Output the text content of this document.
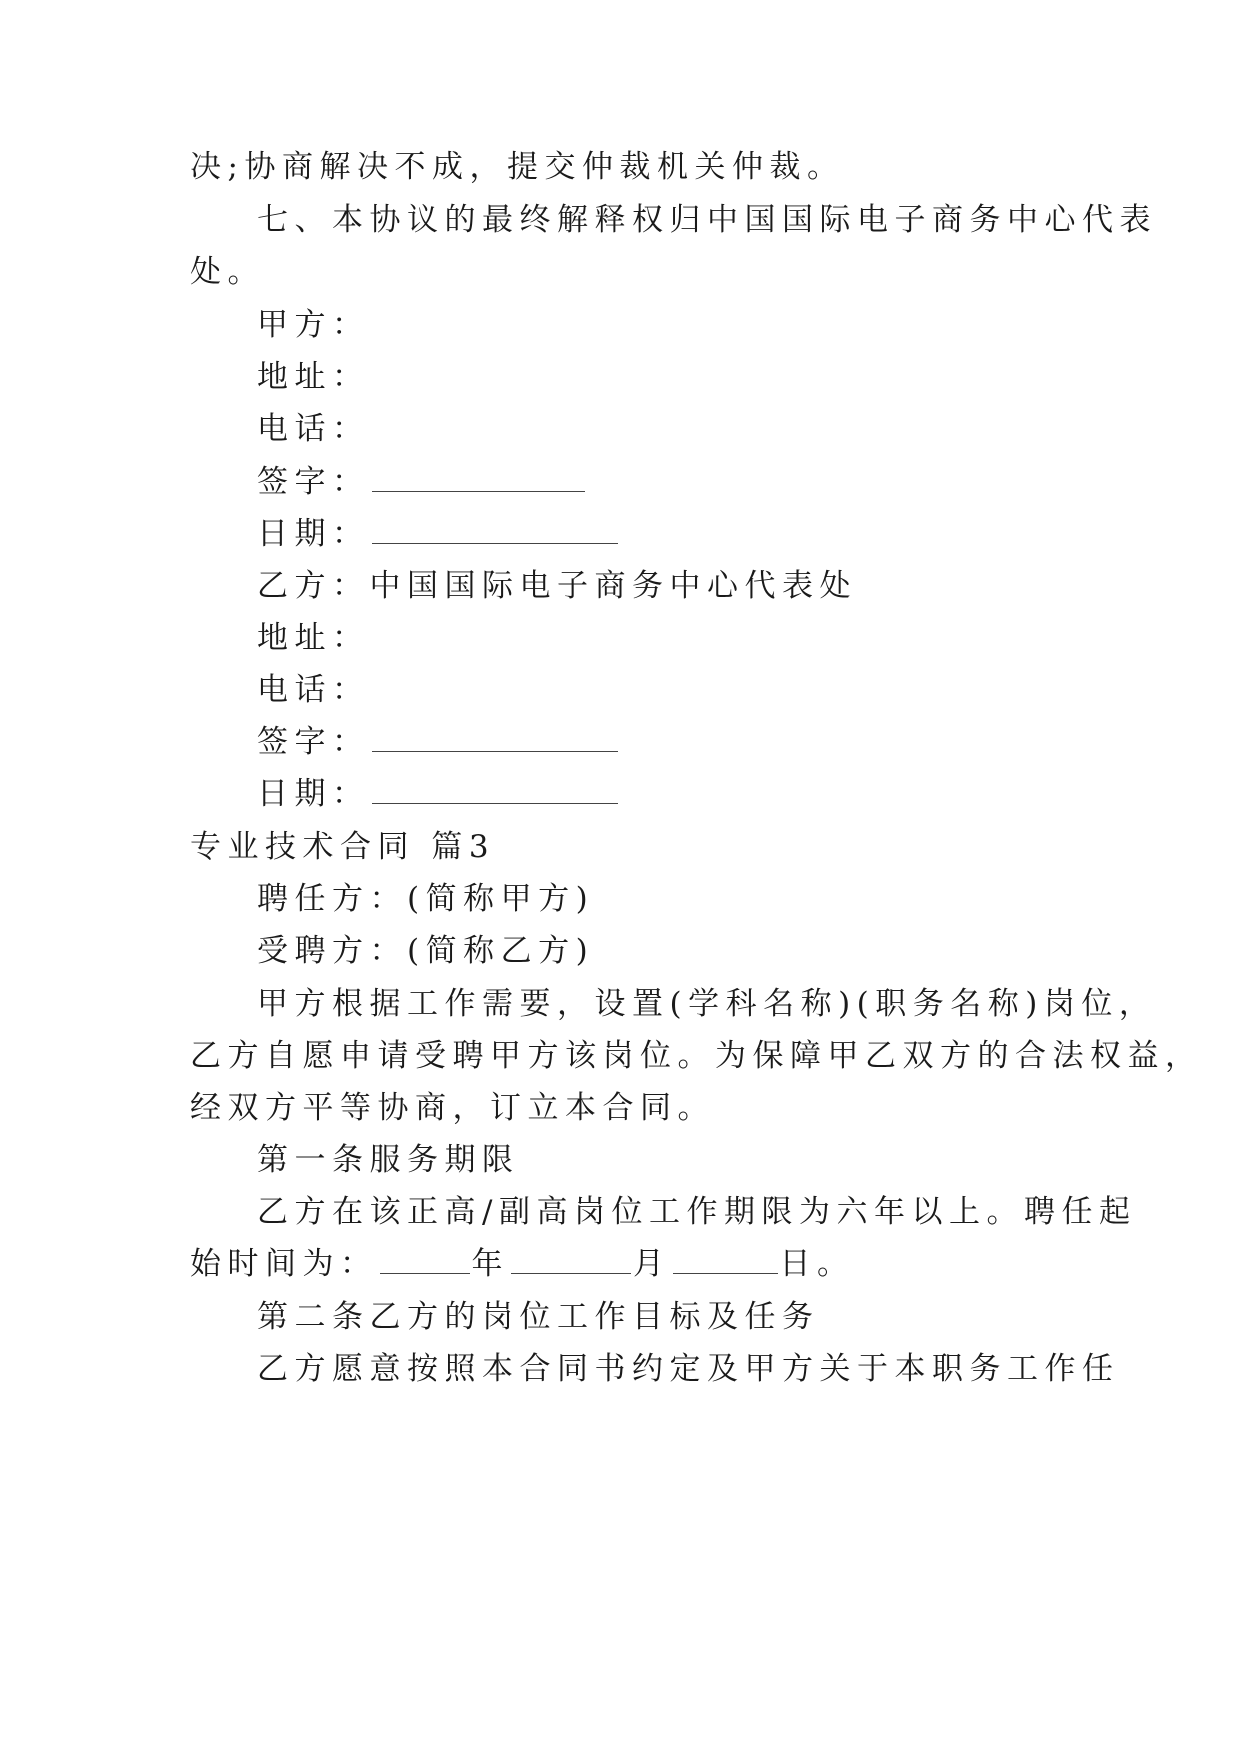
决;协商解决不成，提交仲裁机关仲裁。
七、本协议的最终解释权归中国国际电子商务中心代表
处。
甲方：
地址：
电话：
签字：
日期：
乙方：中国国际电子商务中心代表处
地址：
电话：
签字：
日期：
专业技术合同 篇3
聘任方：(简称甲方)
受聘方：(简称乙方)
甲方根据工作需要，设置(学科名称)(职务名称)岗位，
乙方自愿申请受聘甲方该岗位。为保障甲乙双方的合法权益，
经双方平等协商，订立本合同。
第一条服务期限
乙方在该正高/副高岗位工作期限为六年以上。聘任起
始时间为：	年	月	日。
第二条乙方的岗位工作目标及任务
乙方愿意按照本合同书约定及甲方关于本职务工作任
